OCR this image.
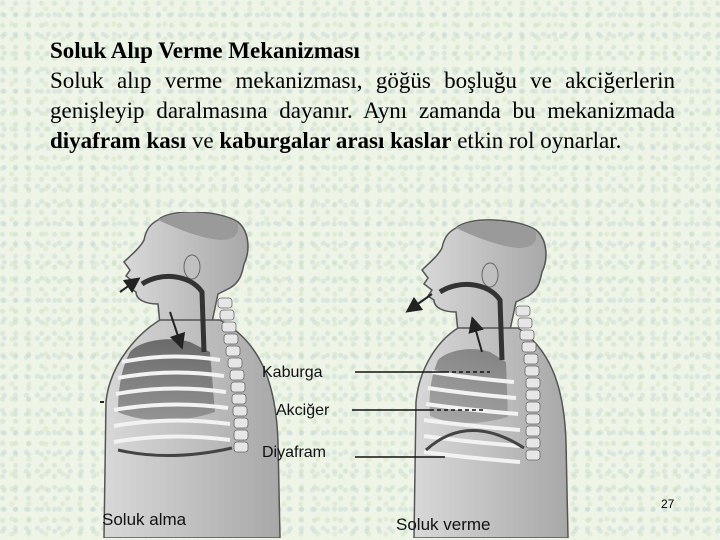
Soluk Alıp Verme Mekanizması
Soluk alıp verme mekanizması, göğüs boşluğu ve akciğerlerin genişleyip daralmasına dayanır. Aynı zamanda bu mekanizmada diyafram kası ve kaburgalar arası kaslar etkin rol oynarlar.
Kaburga
Akciğer
Diyafram
Soluk alma	Soluk verme
27
